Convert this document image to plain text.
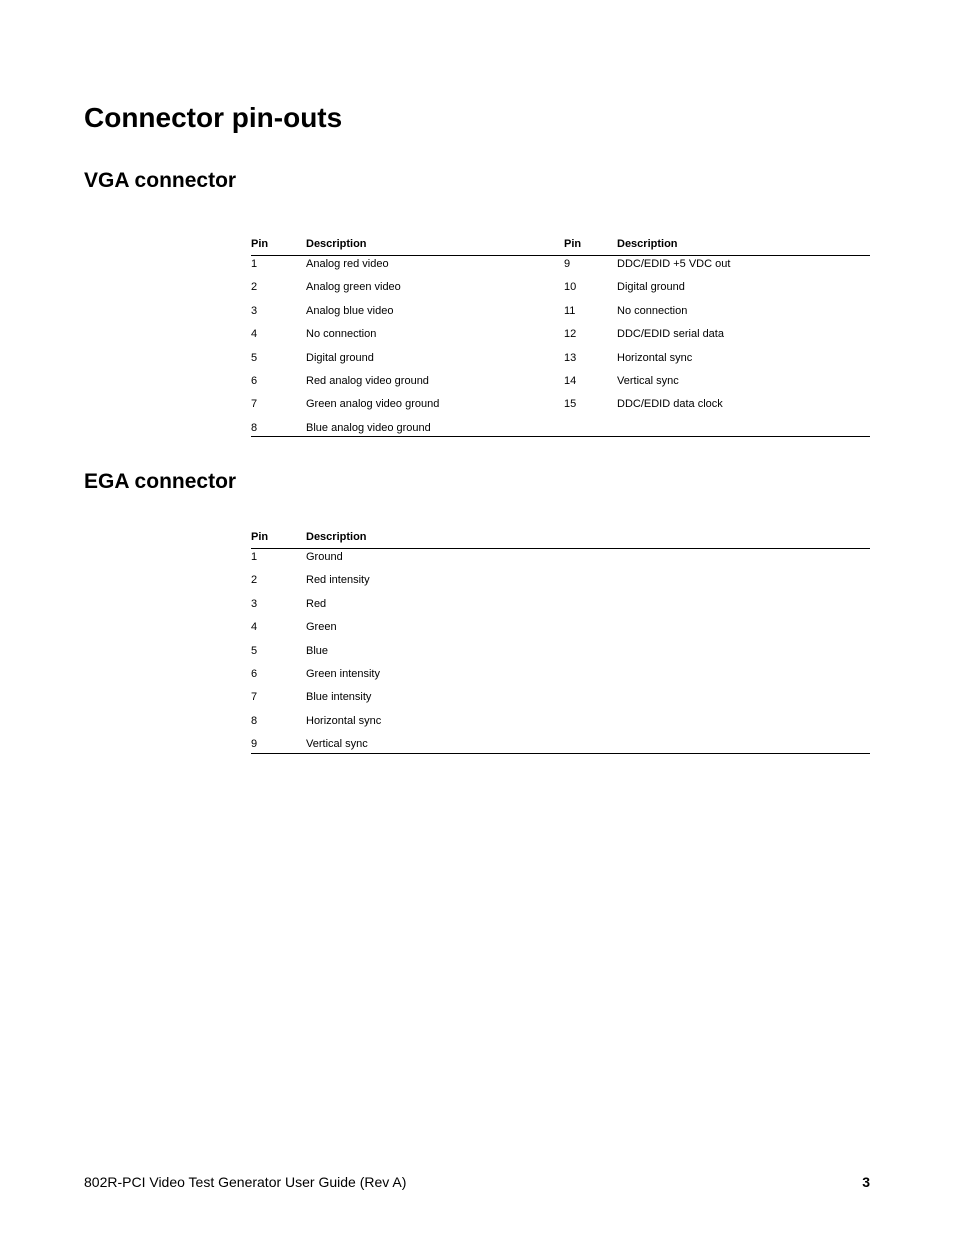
Connector pin-outs
VGA connector
Pin	Description	Pin	Description
1	Analog red video	9	DDC/EDID +5 VDC out
2	Analog green video	10	Digital ground
3	Analog blue video	11	No connection
4	No connection	12	DDC/EDID serial data
5	Digital ground	13	Horizontal sync
6	Red analog video ground	14	Vertical sync
7	Green analog video ground	15	DDC/EDID data clock
8	Blue analog video ground
EGA connector
Pin	Description
1	Ground
2	Red intensity
3	Red
4	Green
5	Blue
6	Green intensity
7	Blue intensity
8	Horizontal sync
9	Vertical sync
802R-PCI Video Test Generator User Guide (Rev A)	3
